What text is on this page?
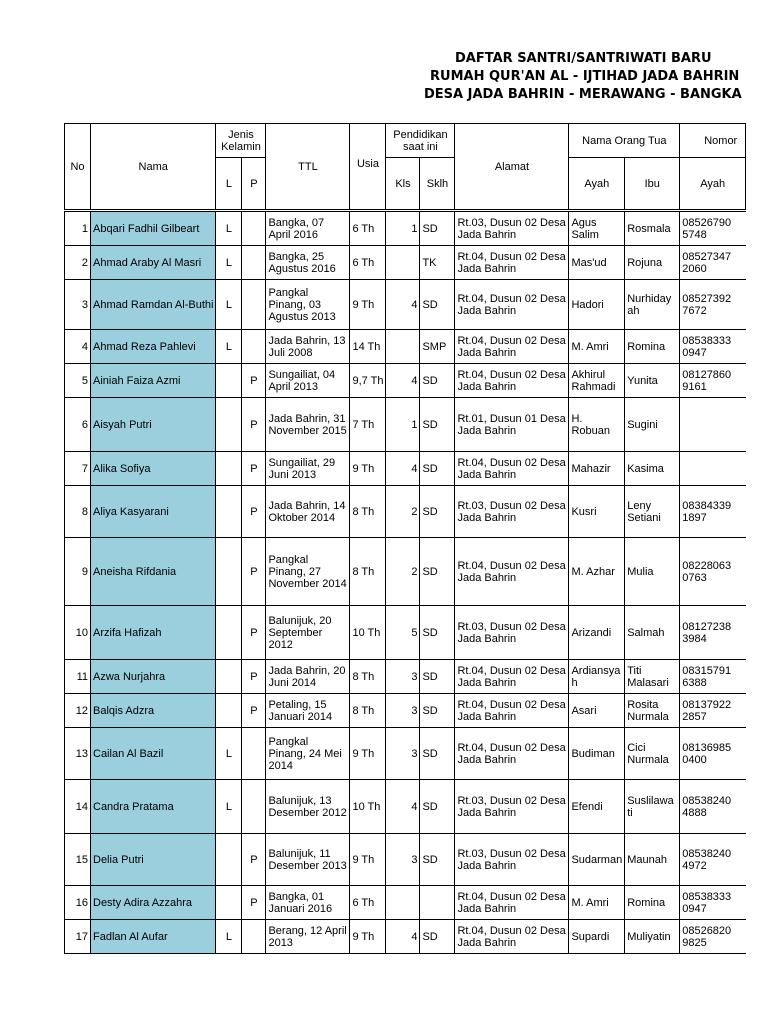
DAFTAR SANTRI/SANTRIWATI BARU
RUMAH QUR'AN AL - IJTIHAD JADA BAHRIN
DESA JADA BAHRIN - MERAWANG - BANGKA
No	Nama	Jenis Kelamin		TTL	Usia	Pendidikan saat ini		Alamat	Nama Orang Tua		Nomor
		L	P			Kls	Sklh		Ayah	Ibu	Ayah

1	Abqari Fadhil Gilbeart	L		Bangka, 07 April 2016	6 Th	1	SD	Rt.03, Dusun 02 Desa Jada Bahrin	Agus Salim	Rosmala	08526790 5748
2	Ahmad Araby Al Masri	L		Bangka, 25 Agustus 2016	6 Th		TK	Rt.04, Dusun 02 Desa Jada Bahrin	Mas'ud	Rojuna	08527347 2060
3	Ahmad Ramdan Al-Buthi	L		Pangkal Pinang, 03 Agustus 2013	9 Th	4	SD	Rt.04, Dusun 02 Desa Jada Bahrin	Hadori	Nurhiday ah	08527392 7672
4	Ahmad Reza Pahlevi	L		Jada Bahrin, 13 Juli 2008	14 Th		SMP	Rt.04, Dusun 02 Desa Jada Bahrin	M. Amri	Romina	08538333 0947
5	Ainiah Faiza Azmi		P	Sungailiat, 04 April 2013	9,7 Th	4	SD	Rt.04, Dusun 02 Desa Jada Bahrin	Akhirul Rahmadi	Yunita	08127860 9161
6	Aisyah Putri		P	Jada Bahrin, 31 November 2015	7 Th	1	SD	Rt.01, Dusun 01 Desa Jada Bahrin	H. Robuan	Sugini	
7	Alika Sofiya		P	Sungailiat, 29 Juni 2013	9 Th	4	SD	Rt.04, Dusun 02 Desa Jada Bahrin	Mahazir	Kasima	
8	Aliya Kasyarani		P	Jada Bahrin, 14 Oktober 2014	8 Th	2	SD	Rt.03, Dusun 02 Desa Jada Bahrin	Kusri	Leny Setiani	08384339 1897
9	Aneisha Rifdania		P	Pangkal Pinang, 27 November 2014	8 Th	2	SD	Rt.04, Dusun 02 Desa Jada Bahrin	M. Azhar	Mulia	08228063 0763
10	Arzifa Hafizah		P	Balunijuk, 20 September 2012	10 Th	5	SD	Rt.03, Dusun 02 Desa Jada Bahrin	Arizandi	Salmah	08127238 3984
11	Azwa Nurjahra		P	Jada Bahrin, 20 Juni 2014	8 Th	3	SD	Rt.04, Dusun 02 Desa Jada Bahrin	Ardiansya h	Titi Malasari	08315791 6388
12	Balqis Adzra		P	Petaling, 15 Januari 2014	8 Th	3	SD	Rt.04, Dusun 02 Desa Jada Bahrin	Asari	Rosita Nurmala	08137922 2857
13	Cailan Al Bazil	L		Pangkal Pinang, 24 Mei 2014	9 Th	3	SD	Rt.04, Dusun 02 Desa Jada Bahrin	Budiman	Cici Nurmala	08136985 0400
14	Candra Pratama	L		Balunijuk, 13 Desember 2012	10 Th	4	SD	Rt.03, Dusun 02 Desa Jada Bahrin	Efendi	Suslilawa ti	08538240 4888
15	Delia Putri		P	Balunijuk, 11 Desember 2013	9 Th	3	SD	Rt.03, Dusun 02 Desa Jada Bahrin	Sudarman	Maunah	08538240 4972
16	Desty Adira Azzahra		P	Bangka, 01 Januari 2016	6 Th			Rt.04, Dusun 02 Desa Jada Bahrin	M. Amri	Romina	08538333 0947
17	Fadlan Al Aufar	L		Berang, 12 April 2013	9 Th	4	SD	Rt.04, Dusun 02 Desa Jada Bahrin	Supardi	Muliyatin	08526820 9825
